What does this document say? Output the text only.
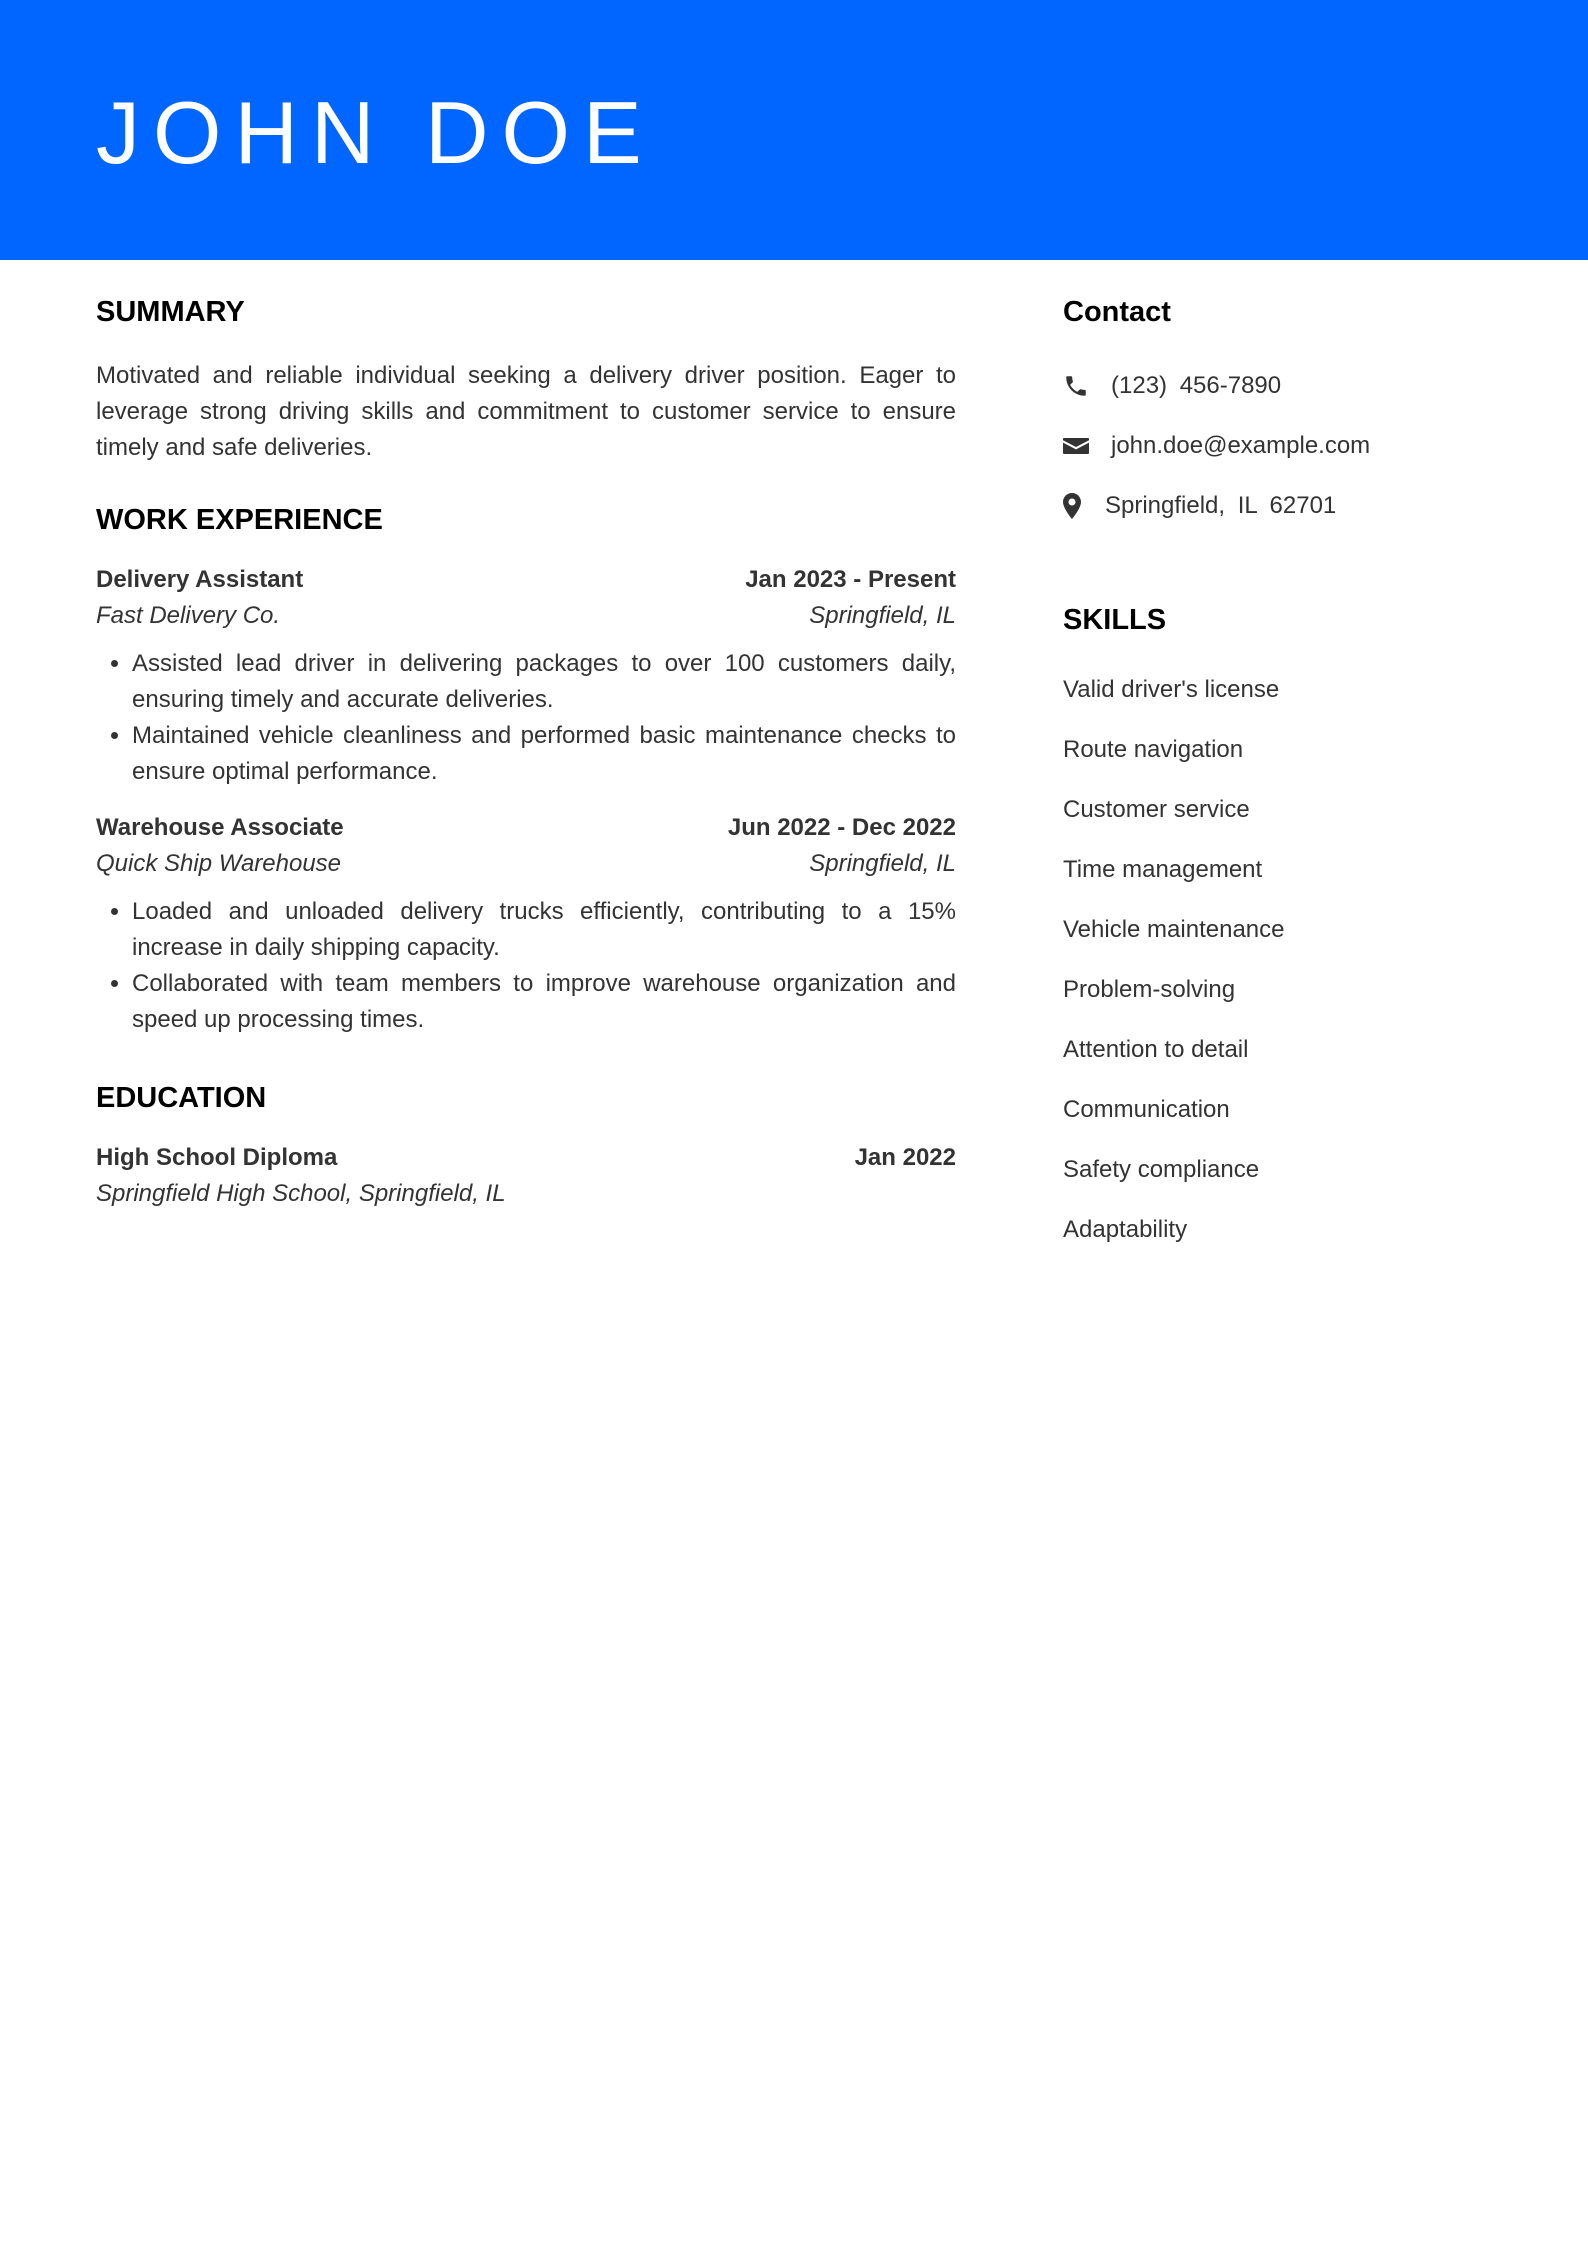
JOHN DOE
SUMMARY

Motivated and reliable individual seeking a delivery driver position. Eager to leverage strong driving skills and commitment to customer service to ensure timely and safe deliveries.

WORK EXPERIENCE
Delivery Assistant	Jan 2023 - Present
Fast Delivery Co.	Springfield, IL
• Assisted lead driver in delivering packages to over 100 customers daily, ensuring timely and accurate deliveries.
• Maintained vehicle cleanliness and performed basic maintenance checks to ensure optimal performance.
Warehouse Associate	Jun 2022 - Dec 2022
Quick Ship Warehouse	Springfield, IL
• Loaded and unloaded delivery trucks efficiently, contributing to a 15% increase in daily shipping capacity.
• Collaborated with team members to improve warehouse organization and speed up processing times.
EDUCATION
High School Diploma	Jan 2022
Springfield High School, Springfield, IL
Contact
(123) 456-7890
john.doe@example.com
Springfield, IL 62701
SKILLS
Valid driver's license
Route navigation
Customer service
Time management
Vehicle maintenance
Problem-solving
Attention to detail
Communication
Safety compliance
Adaptability
